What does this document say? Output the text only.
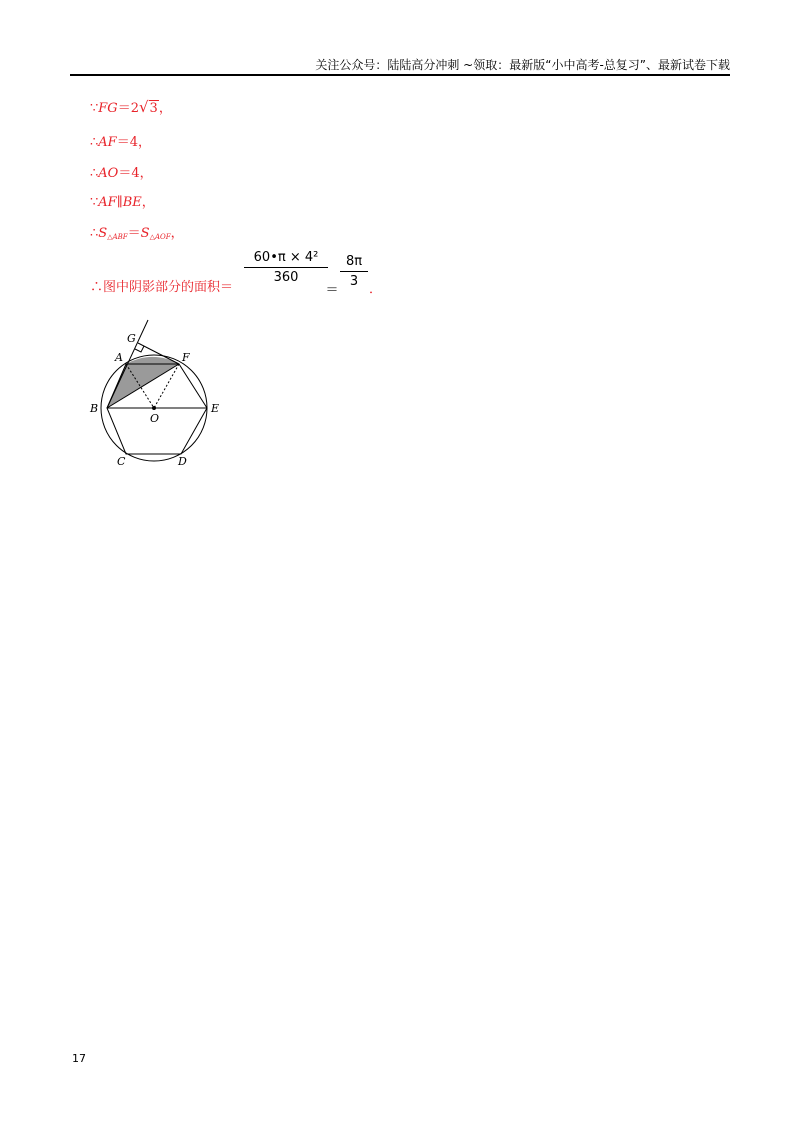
关注公众号：陆陆高分冲刺 ~领取：最新版“小中高考-总复习”、最新试卷下载
∵FG＝2√3，
∴AF＝4，
∴AO＝4，
∵AF∥BE，
$\therefore S_{\triangle ABF}=S_{\triangle AOF}$，
∴图中阴影部分的面积＝
60•π × 4²
360
＝
8π
3
．
G
A	F
B
O
E
C	D
17
